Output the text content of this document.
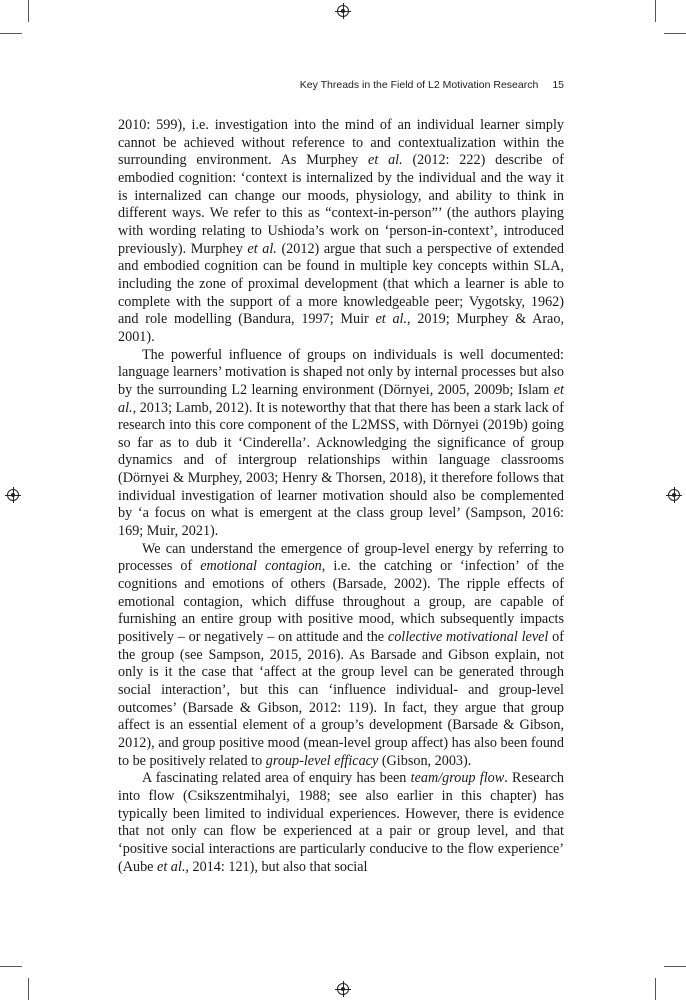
Key Threads in the Field of L2 Motivation Research 15

2010: 599), i.e. investigation into the mind of an individual learner simply cannot be achieved without reference to and contextualization within the surrounding environment. As Murphey et al. (2012: 222) describe of embodied cognition: ‘context is internalized by the individual and the way it is internalized can change our moods, physiology, and ability to think in different ways. We refer to this as “context-in-person”’ (the authors playing with wording relating to Ushioda’s work on ‘person-in-context’, introduced previously). Murphey et al. (2012) argue that such a perspective of extended and embodied cognition can be found in multiple key concepts within SLA, including the zone of proximal development (that which a learner is able to complete with the support of a more knowledgeable peer; Vygotsky, 1962) and role modelling (Bandura, 1997; Muir et al., 2019; Murphey & Arao, 2001).

The powerful influence of groups on individuals is well documented: language learners’ motivation is shaped not only by internal processes but also by the surrounding L2 learning environment (Dörnyei, 2005, 2009b; Islam et al., 2013; Lamb, 2012). It is noteworthy that that there has been a stark lack of research into this core component of the L2MSS, with Dörnyei (2019b) going so far as to dub it ‘Cinderella’. Acknowledging the significance of group dynamics and of intergroup relationships within language classrooms (Dörnyei & Murphey, 2003; Henry & Thorsen, 2018), it therefore follows that individual investigation of learner motivation should also be complemented by ‘a focus on what is emergent at the class group level’ (Sampson, 2016: 169; Muir, 2021).

We can understand the emergence of group-level energy by referring to processes of emotional contagion, i.e. the catching or ‘infection’ of the cognitions and emotions of others (Barsade, 2002). The ripple effects of emotional contagion, which diffuse throughout a group, are capable of furnishing an entire group with positive mood, which subsequently impacts positively – or negatively – on attitude and the collective motivational level of the group (see Sampson, 2015, 2016). As Barsade and Gibson explain, not only is it the case that ‘affect at the group level can be generated through social interaction’, but this can ‘influence individual- and group-level outcomes’ (Barsade & Gibson, 2012: 119). In fact, they argue that group affect is an essential element of a group’s development (Barsade & Gibson, 2012), and group positive mood (mean-level group affect) has also been found to be positively related to group-level efficacy (Gibson, 2003).

A fascinating related area of enquiry has been team/group flow. Research into flow (Csikszentmihalyi, 1988; see also earlier in this chapter) has typically been limited to individual experiences. However, there is evidence that not only can flow be experienced at a pair or group level, and that ‘positive social interactions are particularly conducive to the flow experience’ (Aube et al., 2014: 121), but also that social
